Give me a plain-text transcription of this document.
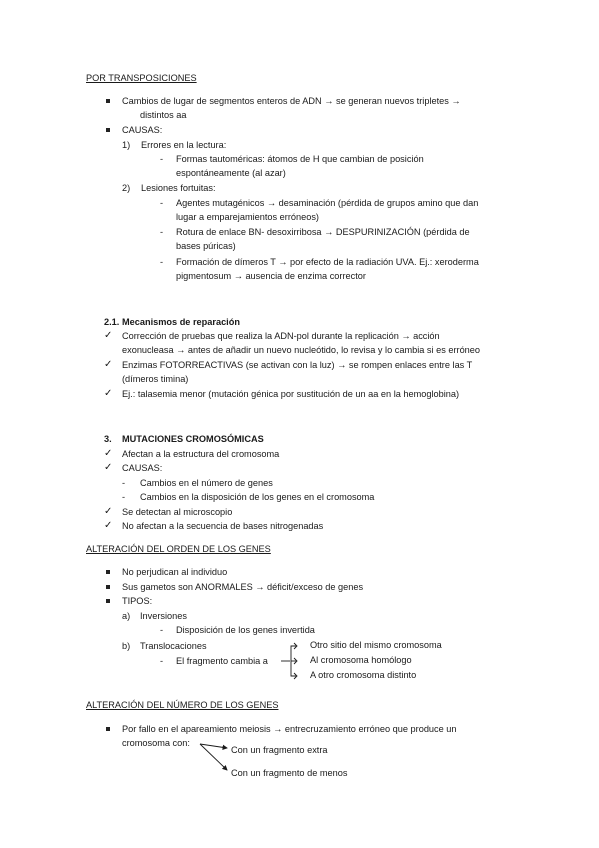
POR TRANSPOSICIONES
Cambios de lugar de segmentos enteros de ADN → se generan nuevos tripletes →
distintos aa
CAUSAS:
1) Errores en la lectura:
- Formas tautoméricas: átomos de H que cambian de posición
espontáneamente (al azar)
2) Lesiones fortuitas:
- Agentes mutagénicos → desaminación (pérdida de grupos amino que dan
lugar a emparejamientos erróneos)
- Rotura de enlace BN- desoxirribosa → DESPURINIZACIÓN (pérdida de
bases púricas)
- Formación de dímeros T → por efecto de la radiación UVA. Ej.: xeroderma
pigmentosum → ausencia de enzima corrector
2.1. Mecanismos de reparación
✓ Corrección de pruebas que realiza la ADN-pol durante la replicación → acción
exonucleasa → antes de añadir un nuevo nucleótido, lo revisa y lo cambia si es erróneo
✓ Enzimas FOTORREACTIVAS (se activan con la luz) → se rompen enlaces entre las T
(dímeros timina)
✓ Ej.: talasemia menor (mutación génica por sustitución de un aa en la hemoglobina)
3. MUTACIONES CROMOSÓMICAS
✓ Afectan a la estructura del cromosoma
✓ CAUSAS:
- Cambios en el número de genes
- Cambios en la disposición de los genes en el cromosoma
✓ Se detectan al microscopio
✓ No afectan a la secuencia de bases nitrogenadas
ALTERACIÓN DEL ORDEN DE LOS GENES
No perjudican al individuo
Sus gametos son ANORMALES → déficit/exceso de genes
TIPOS:
a) Inversiones
- Disposición de los genes invertida
b) Translocaciones
- El fragmento cambia a
Otro sitio del mismo cromosoma
Al cromosoma homólogo
A otro cromosoma distinto
ALTERACIÓN DEL NÚMERO DE LOS GENES
Por fallo en el apareamiento meiosis → entrecruzamiento erróneo que produce un
cromosoma con:
Con un fragmento extra
Con un fragmento de menos
